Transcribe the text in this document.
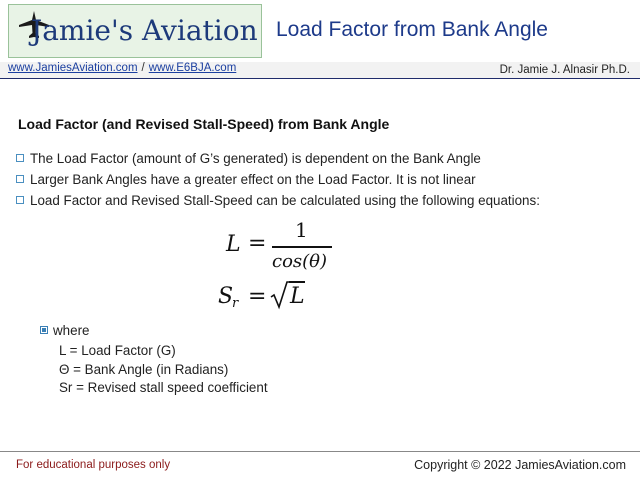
Jamie's Aviation Load Factor from Bank Angle
www.JamiesAviation.com / www.E6BJA.com	Dr. Jamie J. Alnasir Ph.D.
Load Factor (and Revised Stall-Speed) from Bank Angle
The Load Factor (amount of G’s generated) is dependent on the Bank Angle
Larger Bank Angles have a greater effect on the Load Factor. It is not linear
Load Factor and Revised Stall-Speed can be calculated using the following equations:
L =
1
cos(θ)
S
r = L
where
L = Load Factor (G)
Θ = Bank Angle (in Radians)
Sr = Revised stall speed coefficient
For educational purposes only	Copyright © 2022 JamiesAviation.com
